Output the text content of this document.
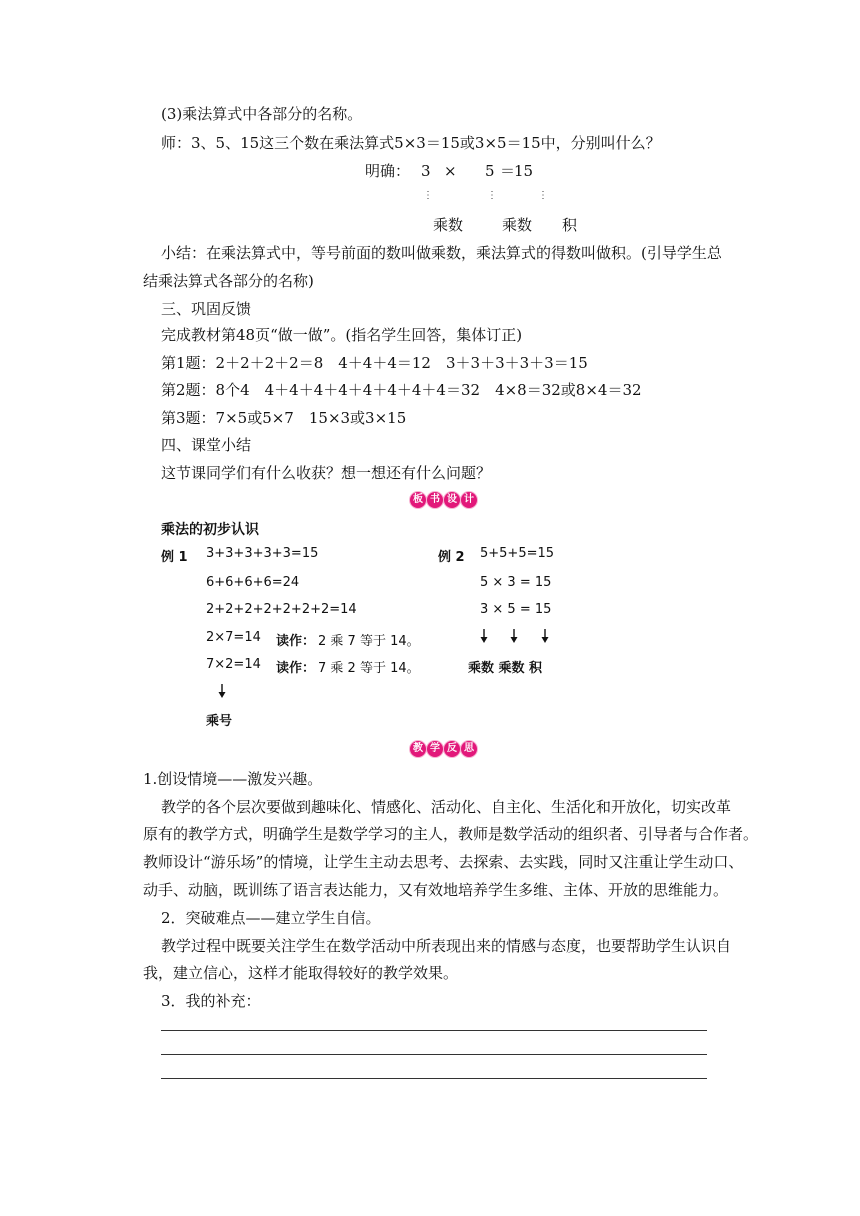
(3)乘法算式中各部分的名称。
师：3、5、15这三个数在乘法算式5×3＝15或3×5＝15中，分别叫什么？
明确： 3 × 5 ＝
15
⋮	⋮	⋮
乘数	乘数 积
小结：在乘法算式中，等号前面的数叫做乘数，乘法算式的得数叫做积。(引导学生总
结乘法算式各部分的名称)
三、巩固反馈
完成教材第48页“做一做”。(指名学生回答，集体订正)
第1题：2＋2＋2＋2＝8　4＋4＋4＝12　3＋3＋3＋3＋3＝15
第2题：8个4　4＋4＋4＋4＋4＋4＋4＋4＝32　4×8＝32或8×4＝32
第3题：7×5或5×7　15×3或3×15
四、课堂小结
这节课同学们有什么收获？想一想还有什么问题？
板 书 设 计
乘法的初步认识
例 1 3+3+3+3+3=15
6+6+6+6=24
2+2+2+2+2+2+2=14
2×7=14 读作： 2 乘 7 等于 14。
7×2=14 读作： 7 乘 2 等于 14。
乘号
例 2 5+5+5=15
5 × 3 = 15
3 × 5 = 15
乘数 乘数 积
教 学 反 思
1.创设情境——激发兴趣。
教学的各个层次要做到趣味化、情感化、活动化、自主化、生活化和开放化，切实改革
原有的教学方式，明确学生是数学学习的主人，教师是数学活动的组织者、引导者与合作者。
教师设计“游乐场”的情境，让学生主动去思考、去探索、去实践，同时又注重让学生动口、
动手、动脑，既训练了语言表达能力，又有效地培养学生多维、主体、开放的思维能力。
2．突破难点——建立学生自信。
教学过程中既要关注学生在数学活动中所表现出来的情感与态度，也要帮助学生认识自
我，建立信心，这样才能取得较好的教学效果。
3．我的补充：
